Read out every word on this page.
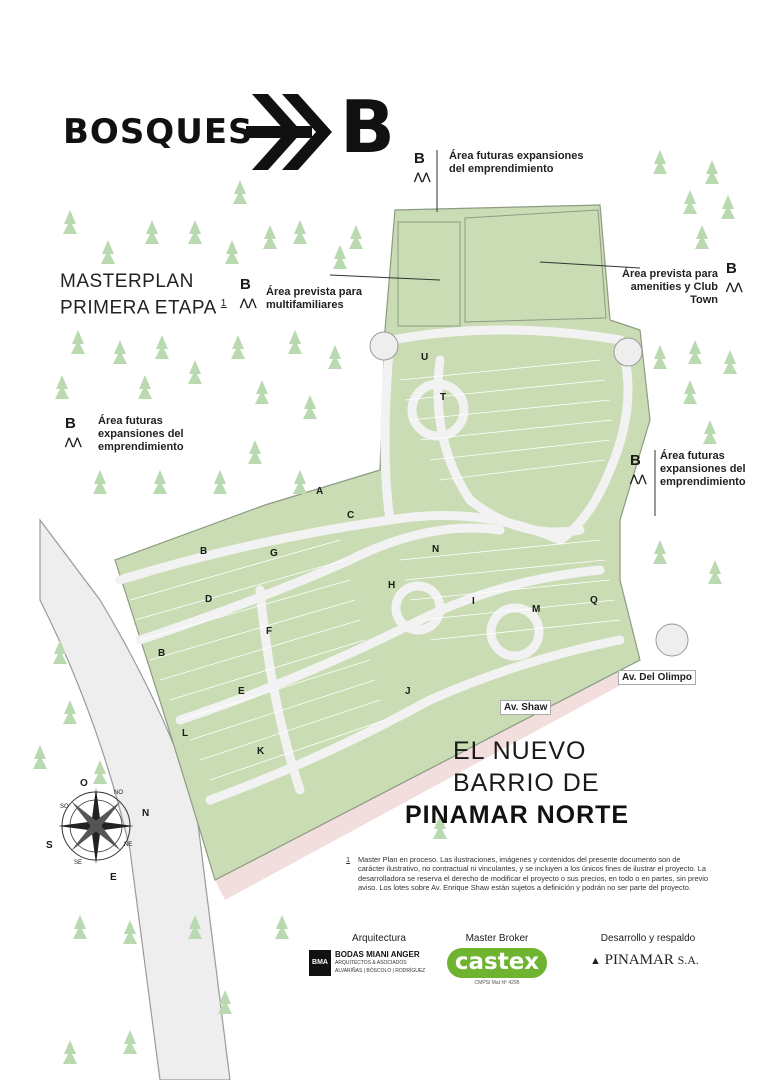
A
B
B
C
D
E
F
G
H
I
J
K
L
M
N
Q
T
U
BOSQUES B
MASTERPLAN
PRIMERA ETAPA $^1$
B
⋀⋀
Área futuras expansiones del emprendimiento
B
⋀⋀
Área prevista para multifamiliares
B
⋀⋀
Área prevista para amenities y Club Town
B
⋀⋀
Área futuras expansiones del emprendimiento
B
⋀⋀
Área futuras expansiones del emprendimiento
Av. Del Olimpo
Av. Shaw
N
NE
E
SE
S
SO
O
NO
EL NUEVO
BARRIO DE
PINAMAR NORTE
1	Master Plan en proceso. Las ilustraciones, imágenes y contenidos del presente documento son de carácter ilustrativo, no contractual ni vinculantes, y se incluyen a los únicos fines de ilustrar el proyecto. La desarrolladora se reserva el derecho de modificar el proyecto o sus precios, en todo o en partes, sin previo aviso. Los lotes sobre Av. Enrique Shaw están sujetos a definición y podrán no ser parte del proyecto.
Arquitectura
BMA
BODAS MIANI ANGER
ARQUITECTOS & ASOCIADOS
ALVARIÑAS | BÓSCOLO | RODRÍGUEZ
Master Broker
castex
CMPSI Mat Nº 4295
Desarrollo y respaldo
▲ PINAMAR S.A.
